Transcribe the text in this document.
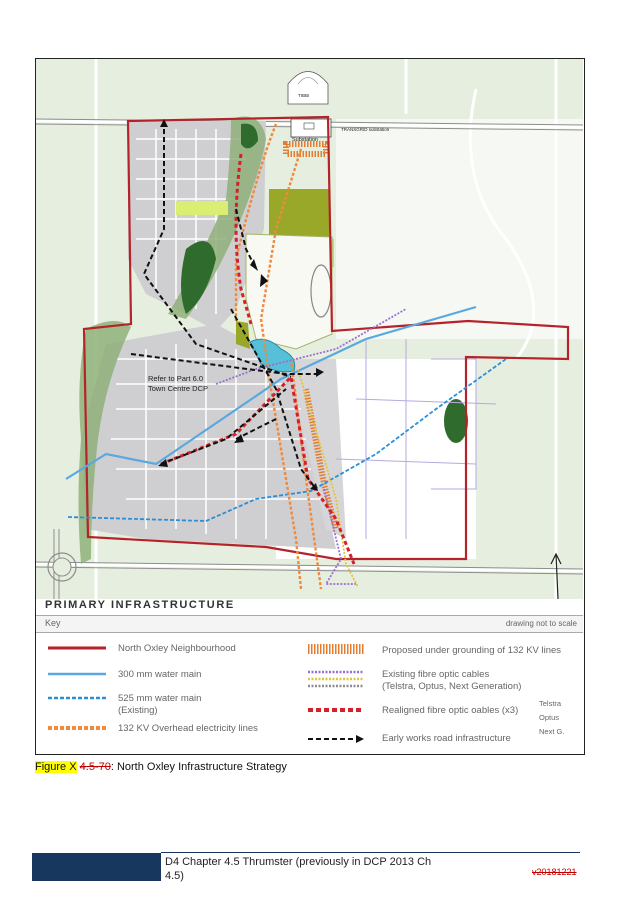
Refer to Part 6.0
Town Centre DCP
Substation
TRANSGRID substation
TIBBI
PRIMARY INFRASTRUCTURE
Key	drawing not to scale
North Oxley Neighbourhood
300 mm water main
525 mm water main
(Existing)
132 KV Overhead electricity lines
Proposed under grounding of 132 KV lines
Existing fibre optic cables
(Telstra, Optus, Next Generation)
Telstra
Realigned fibre optic oables (x3)
Optus
Next G.
Early works road infrastructure
Figure X 4.5-70: North Oxley Infrastructure Strategy
D4 Chapter 4.5 Thrumster (previously in DCP 2013 Ch
4.5)	v20181221
